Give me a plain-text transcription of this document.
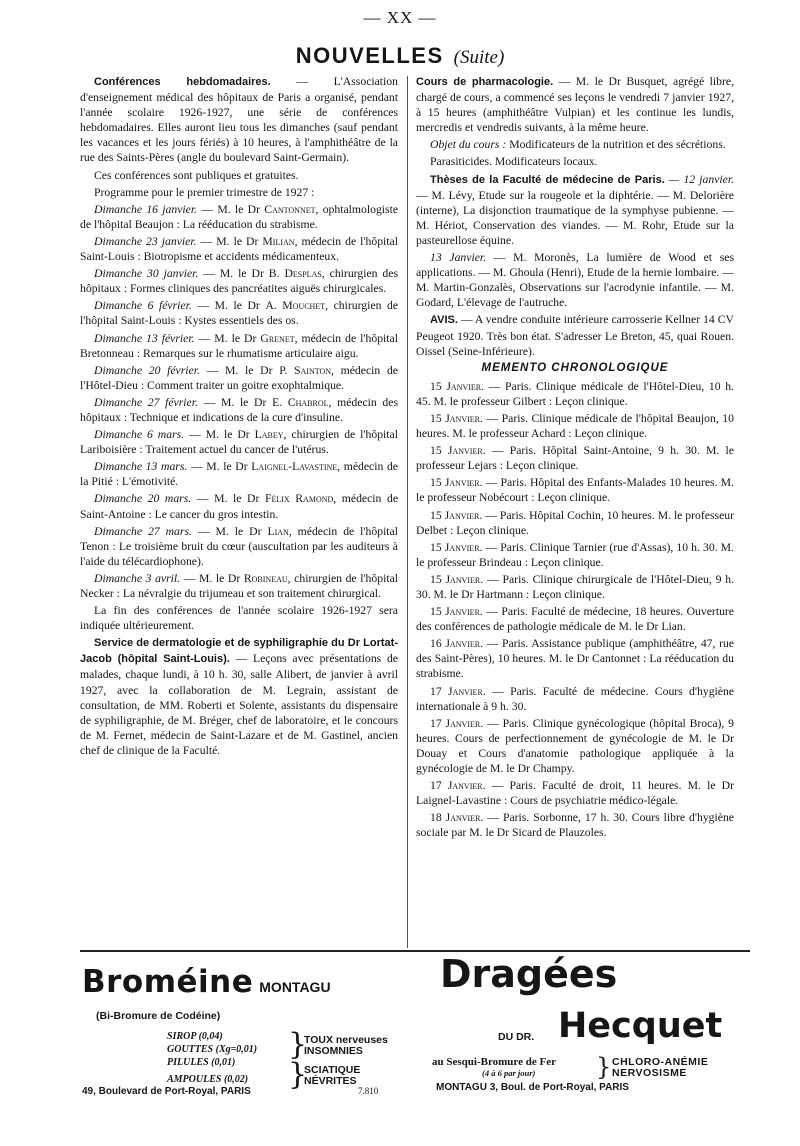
— XX —
NOUVELLES (Suite)

Conférences hebdomadaires. — L'Association d'enseignement médical des hôpitaux de Paris a organisé, pendant l'année scolaire 1926-1927, une série de conférences hebdomadaires. Elles auront lieu tous les dimanches (sauf pendant les vacances et les jours fériés) à 10 heures, à l'amphithéâtre de la rue des Saints-Pères (angle du boulevard Saint-Germain).

Ces conférences sont publiques et gratuites.

Programme pour le premier trimestre de 1927 :

Dimanche 16 janvier. — M. le Dr Cantonnet, ophtalmologiste de l'hôpital Beaujon : La rééducation du strabisme.

Dimanche 23 janvier. — M. le Dr Milian, médecin de l'hôpital Saint-Louis : Biotropisme et accidents médicamenteux.

Dimanche 30 janvier. — M. le Dr B. Desplas, chirurgien des hôpitaux : Formes cliniques des pancréatites aiguës chirurgicales.

Dimanche 6 février. — M. le Dr A. Mouchet, chirurgien de l'hôpital Saint-Louis : Kystes essentiels des os.

Dimanche 13 février. — M. le Dr Grenet, médecin de l'hôpital Bretonneau : Remarques sur le rhumatisme articulaire aigu.

Dimanche 20 février. — M. le Dr P. Sainton, médecin de l'Hôtel-Dieu : Comment traiter un goitre exophtalmique.

Dimanche 27 février. — M. le Dr E. Chabrol, médecin des hôpitaux : Technique et indications de la cure d'insuline.

Dimanche 6 mars. — M. le Dr Labey, chirurgien de l'hôpital Lariboisière : Traitement actuel du cancer de l'utérus.

Dimanche 13 mars. — M. le Dr Laignel-Lavastine, médecin de la Pitié : L'émotivité.

Dimanche 20 mars. — M. le Dr Félix Ramond, médecin de Saint-Antoine : Le cancer du gros intestin.

Dimanche 27 mars. — M. le Dr Lian, médecin de l'hôpital Tenon : Le troisième bruit du cœur (auscultation par les auditeurs à l'aide du télécardiophone).

Dimanche 3 avril. — M. le Dr Robineau, chirurgien de l'hôpital Necker : La névralgie du trijumeau et son traitement chirurgical.

La fin des conférences de l'année scolaire 1926-1927 sera indiquée ultérieurement.

Service de dermatologie et de syphiligraphie du Dr Lortat-Jacob (hôpital Saint-Louis). — Leçons avec présentations de malades, chaque lundi, à 10 h. 30, salle Alibert, de janvier à avril 1927, avec la collaboration de M. Legrain, assistant de consultation, de MM. Roberti et Solente, assistants du dispensaire de syphiligraphie, de M. Bréger, chef de laboratoire, et le concours de M. Fernet, médecin de Saint-Lazare et de M. Gastinel, ancien chef de clinique de la Faculté.

Cours de pharmacologie. — M. le Dr Busquet, agrégé libre, chargé de cours, a commencé ses leçons le vendredi 7 janvier 1927, à 15 heures (amphithéâtre Vulpian) et les continue les lundis, mercredis et vendredis suivants, à la même heure.

Objet du cours : Modificateurs de la nutrition et des sécrétions.

Parasiticides. Modificateurs locaux.

Thèses de la Faculté de médecine de Paris. — 12 janvier. — M. Lévy, Etude sur la rougeole et la diphtérie. — M. Delorière (interne), La disjonction traumatique de la symphyse pubienne. — M. Hériot, Conservation des viandes. — M. Rohr, Etude sur la pasteurellose équine.

13 Janvier. — M. Moronès, La lumière de Wood et ses applications. — M. Ghoula (Henri), Etude de la hernie lombaire. — M. Martin-Gonzalès, Observations sur l'acrodynie infantile. — M. Godard, L'élevage de l'autruche.

AVIS. — A vendre conduite intérieure carrosserie Kellner 14 CV Peugeot 1920. Très bon état. S'adresser Le Breton, 45, quai Rouen. Oissel (Seine-Inférieure).

MEMENTO CHRONOLOGIQUE

15 Janvier. — Paris. Clinique médicale de l'Hôtel-Dieu, 10 h. 45. M. le professeur Gilbert : Leçon clinique.

15 Janvier. — Paris. Clinique médicale de l'hôpital Beaujon, 10 heures. M. le professeur Achard : Leçon clinique.

15 Janvier. — Paris. Hôpital Saint-Antoine, 9 h. 30. M. le professeur Lejars : Leçon clinique.

15 Janvier. — Paris. Hôpital des Enfants-Malades 10 heures. M. le professeur Nobécourt : Leçon clinique.

15 Janvier. — Paris. Hôpital Cochin, 10 heures. M. le professeur Delbet : Leçon clinique.

15 Janvier. — Paris. Clinique Tarnier (rue d'Assas), 10 h. 30. M. le professeur Brindeau : Leçon clinique.

15 Janvier. — Paris. Clinique chirurgicale de l'Hôtel-Dieu, 9 h. 30. M. le Dr Hartmann : Leçon clinique.

15 Janvier. — Paris. Faculté de médecine, 18 heures. Ouverture des conférences de pathologie médicale de M. le Dr Lian.

16 Janvier. — Paris. Assistance publique (amphithéâtre, 47, rue des Saint-Pères), 10 heures. M. le Dr Cantonnet : La rééducation du strabisme.

17 Janvier. — Paris. Faculté de médecine. Cours d'hygiène internationale à 9 h. 30.

17 Janvier. — Paris. Clinique gynécologique (hôpital Broca), 9 heures. Cours de perfectionnement de gynécologie de M. le Dr Douay et Cours d'anatomie pathologique appliquée à la gynécologie de M. le Dr Champy.

17 Janvier. — Paris. Faculté de droit, 11 heures. M. le Dr Laignel-Lavastine : Cours de psychiatrie médico-légale.

18 Janvier. — Paris. Sorbonne, 17 h. 30. Cours libre d'hygiène sociale par M. le Dr Sicard de Plauzoles.

Broméine MONTAGU
(Bi-Bromure de Codéine)
SIROP (0,04)
GOUTTES (Xg=0,01)
PILULES (0,01)
AMPOULES (0,02)
}
TOUX nerveuses
INSOMNIES
}
SCIATIQUE
NÉVRITES
49, Boulevard de Port-Royal, PARIS	7.810
Dragées
DU DR. Hecquet
au Sesqui-Bromure de Fer
(4 à 6 par jour)	} CHLORO-ANÉMIE
NERVOSISME
MONTAGU 3, Boul. de Port-Royal, PARIS
